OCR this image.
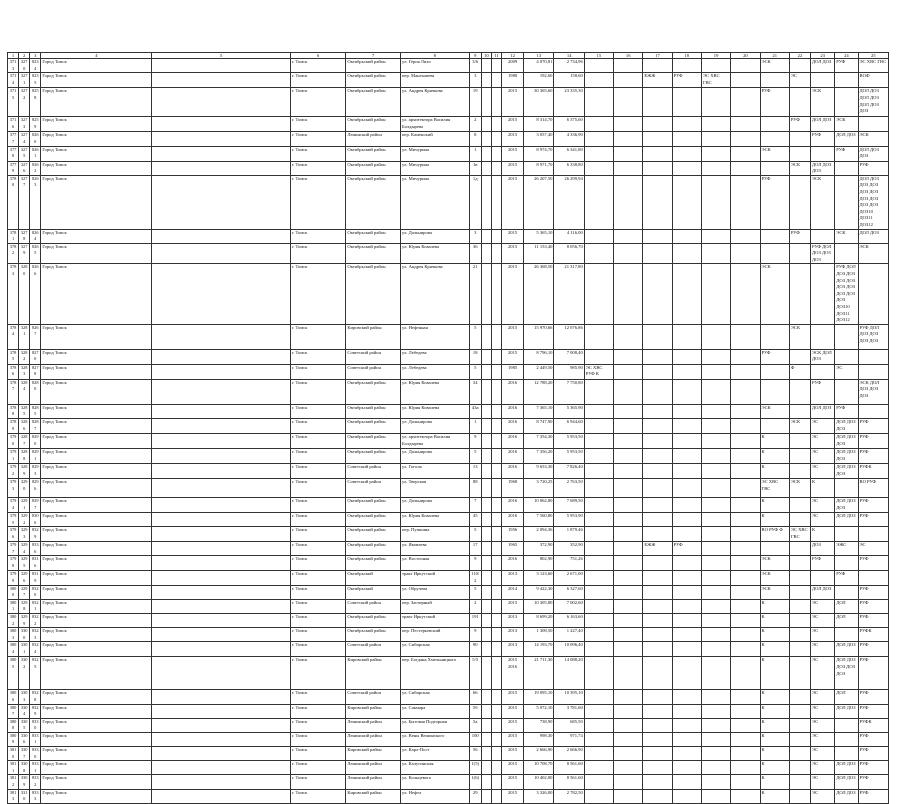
1	2	3	4	5	6	7	8	9	10	11	12	13	14	15	16	17	18	19	20	21	22	23	24	25
3713	3270	8234	Город Томск		г. Томск	Октябрьский район	ул. Героя Лихо	3/6			2009	4 070,81	2 734,96							ЭСК		ДОЛ ДОЗ	РУФ	ЭС ХВС ГВС
3714	3271	8235	Город Томск		г. Томск	Октябрьский район	пер. Мангышева	3			1980	192,60	158,60			ЕЖЖ	РУФ	ЭС ХВС ГВС			ЭС			ВОФ
3715	3272	8258	Город Томск		г. Томск	Октябрьский район	ул. Андрея Крячкова	19			2015	30 365,60	23 335,30							РУФ		ЭСК		ДОЛ ДОЗ ДОЛ ДОЗ ДОЛ ДОЗ ДОЗ
3716	3273	8259	Город Томск		г. Томск	Октябрьский район	ул. архитектора Василия Болдырева	2			2015	8 314,70	6 375,60								РУФ	ДОЛ ДОЗ	ЭСК	
3777	3274	8260	Город Томск		г. Томск	Ленинский район	пер. Каменский	8			2015	3 057,40	4 336,90									РУФ	ДОЛ ДОЗ	ЭСК
3778	3275	8261	Город Томск		г. Томск	Октябрьский район	ул. Мичурина	1			2015	8 974,70	6 341,80							ЭСК			РУФ	ДОЛ ДОЗ ДОЗ
3779	3276	8262	Город Томск		г. Томск	Октябрьский район	ул. Мичурина	1в			2015	8 971,70	6 338,80								ЭСК	ДОЛ ДОЗ ДОЗ		РУФ
3780	3277	8263	Город Томск		г. Томск	Октябрьский район	ул. Мичурина	1д			2015	26 207,50	26 299,94							РУФ		ЭСК		ДОЛ ДОЗ ДОЗ ДОЗ ДОЗ ДОЗ ДОЗ ДОЗ ДОЗ ДОЗ ДОЗ10 ДОЗ11 ДОЗ12
3781	3278	8264	Город Томск		г. Томск	Октябрьский район	ул. Дальнирова	3			2015	5 365,10	4 116,00								РУФ		ЭСК	ДОЛ ДОЗ
3782	3279	8265	Город Томск		г. Томск	Октябрьский район	ул. Юрия Ковалева	36			2015	11 153,40	8 056,70									РУФ ДОЛ ДОЗ ДОЗ ДОЗ		ЭСК
3783	3280	8266	Город Томск		г. Томск	Октябрьский район	ул. Андрея Крячкова	21			2015	26 368,50	21 317,80							ЭСК			РУФ ДОЛ ДОЗ ДОЗ ДОЗ ДОЗ ДОЗ ДОЗ ДОЗ ДОЗ ДОЗ ДОЗ10 ДОЗ11 ДОЗ12	
3784	3281	8267	Город Томск		г. Томск	Кировский район	ул. Нефтяная	5			2015	15 970,66	12 076,86								ЭСК			РУФ ДОЛ ДОЗ ДОЗ ДОЗ ДОЗ
3785	3282	8270	Город Томск		г. Томск	Советский район	ул. Лебедева	18			2015	8 796,10	7 008,40							РУФ		ЭСК ДОЛ ДОЗ		
3786	3283	8278	Город Томск		г. Томск	Советский район	ул. Лебедева	5			1985	2 449,50	985,90	ЭС ХВС РУФ К							Ф		ЭС	
3787	3284	8280	Город Томск		г. Томск	Октябрьский район	ул. Юрия Ковалева	34			2016	12 788,20	7 750,80									РУФ		ЭСК ДОЛ ДОЗ ДОЗ ДОЗ
3788	3285	8285	Город Томск		г. Томск	Октябрьский район	ул. Юрия Ковалева	43а			2016	7 365,10	5 365,90							ЭСК		ДОЛ ДОЗ	РУФ	
3789	3286	8287	Город Томск		г. Томск	Октябрьский район	ул. Дальнирова	1			2016	8 747,90	6 944,60								ЭСК	ЭС	ДОЛ ДОЗ ДОЗ	РУФ
3790	3287	8290	Город Томск		г. Томск	Октябрьский район	ул. архитектора Василия Болдырева	9			2016	7 354,30	5 953,50							К		ЭС	ДОЛ ДОЗ ДОЗ	РУФ
3791	3288	8291	Город Томск		г. Томск	Октябрьский район	ул. Дальнирова	5			2016	7 356,20	5 953,50							К		ЭС	ДОЛ ДОЗ ДОЗ	РУФ
3792	3289	8293	Город Томск		г. Томск	Советский район	ул. Гоголя	13			2016	9 653,30	7 826,40							К		ЭС	ДОЛ ДОЗ ДОЗ	РУФК
3793	3290	8296	Город Томск		г. Томск	Советский район	ул. Тверская	88			1968	3 720,25	2 763,50							ЭС ХВС ГВС	ЭСК	К		ВО РУФ
3794	3291	8297	Город Томск		г. Томск	Октябрьский район	ул. Дальнирова	7			2016	10 062,80	7 689,50							К		ЭС	ДОЛ ДОЗ ДОЗ	РУФ
3795	3292	8306	Город Томск		г. Томск	Октябрьский район	ул. Юрия Ковалева	45			2016	7 560,80	5 953,90							К		ЭС	ДОЛ ДОЗ	РУФ
3796	3293	8329	Город Томск		г. Томск	Октябрьский район	пер. Пушкина	5			1956	2 094,36	1 879,46							ВО РУФ Ф	ЭС ХВС ГВС	К		
3797	3294	8336	Город Томск		г. Томск	Октябрьский район	ул. Яковлева	17			1965	372,90	352,90			ЕЖЖ	РУФ					ДОЗ	ЭЖС	ЭС
3798	3295	8316	Город Томск		г. Томск	Октябрьский район	ул. Восточная	9			2016	802,90	751,26							ЭСК		РУФ		РУФ
3799	3296	8319	Город Томск		г. Томск	Октябрьский	тракт Иркутский	110/2			2013	3 123,60	2 671,00							ЭСК			РУФ	
3800	3297	8320	Город Томск		г. Томск	Октябрьский	ул. Обручева	5			2014	9 422,30	6 327,60							ЭСК		ДОЛ ДОЗ		РУФ
3801	3298	8321	Город Томск		г. Томск	Советский район	пер. Заозерный	2			2015	10 305,80	7 002,60							К		ЭС	ДОЛ	РУФ
3802	3299	8322	Город Томск		г. Томск	Октябрьский район	тракт Иркутский	191			2013	8 699,20	6 163,60							К		ЭС	ДОЛ	РУФ
3803	3300	8323	Город Томск		г. Томск	Октябрьский район	пер. Пестерьевский	9			2013	1 308,50	1 227,40							К		ЭС		РУФК
3804	3301	8324	Город Томск		г. Томск	Советский район	ул. Сибирская	90			2013	14 193,70	10 096,40							К		ЭС	ДОЛ ДОЗ	РУФ
3805	3302	8325	Город Томск		г. Томск	Кировский район	пер. Богдана Хмельницкого	5/5			2015 2016	21 711,30	14 088,20							К		ЭС	ДОЛ ДОЗ ДОЗ ДОЗ ДОЗ	РУФ
3806	3303	8328	Город Томск		г. Томск	Советский район	ул. Сибирская	66			2015	19 095,10	10 395,10							К		ЭС	ДОЛ	РУФ
3807	3304	8329	Город Томск		г. Томск	Кировский район	ул. Сакмара	5б			2015	5 072,10	3 781,60							К		ЭС	ДОЛ ДОЗ	РУФ
3808	3305	8330	Город Томск		г. Томск	Ленинский район	ул. Бытовая Подгорная	5а			2015	738,90	685,50							К		ЭС		РУФК
3809	3306	8331	Город Томск		г. Томск	Ленинский район	ул. Вены Вешинского	100			2015	998,30	971,74							К		ЭС		РУФ
3810	3307	8330	Город Томск		г. Томск	Кировский район	ул. Карл-Пост	56			2015	2 666,90	2 666,90							К		ЭС		РУФ
3811	3308	8331	Город Томск		г. Томск	Ленинский район	ул. Калугинская	1(5)			2015	10 708,70	8 561,60							К		ЭС	ДОЛ ДОЗ	РУФ
3812	3309	8332	Город Томск		г. Томск	Ленинский район	ул. Кольцевого	1(6)			2015	10 402,00	8 561,60							К		ЭС	ДОЛ ДОЗ	РУФ
3813	3310	8333	Город Томск		г. Томск	Кировский район	ул. Нефта	29			2015	3 326,00	2 782,50							К		ЭС	ДОЛ ДОЗ	РУФ
